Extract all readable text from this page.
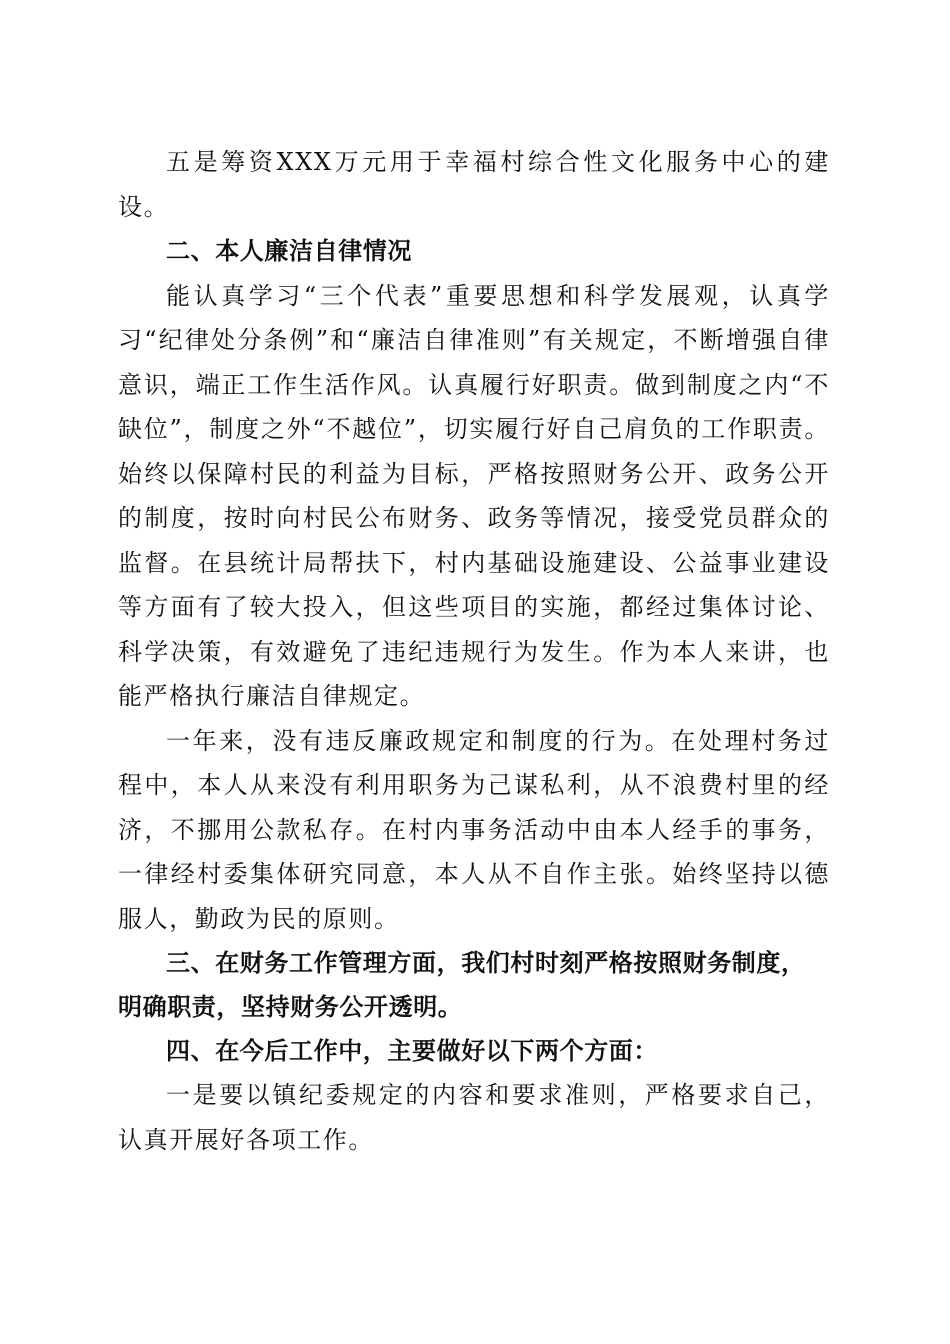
五是筹资XXX万元用于幸福村综合性文化服务中心的建设。

二、本人廉洁自律情况

能认真学习“三个代表”重要思想和科学发展观，认真学习“纪律处分条例”和“廉洁自律准则”有关规定，不断增强自律意识，端正工作生活作风。认真履行好职责。做到制度之内“不缺位”，制度之外“不越位”，切实履行好自己肩负的工作职责。始终以保障村民的利益为目标，严格按照财务公开、政务公开的制度，按时向村民公布财务、政务等情况，接受党员群众的监督。在县统计局帮扶下，村内基础设施建设、公益事业建设等方面有了较大投入，但这些项目的实施，都经过集体讨论、科学决策，有效避免了违纪违规行为发生。作为本人来讲，也能严格执行廉洁自律规定。

一年来，没有违反廉政规定和制度的行为。在处理村务过程中，本人从来没有利用职务为己谋私利，从不浪费村里的经济，不挪用公款私存。在村内事务活动中由本人经手的事务，一律经村委集体研究同意，本人从不自作主张。始终坚持以德服人，勤政为民的原则。

三、在财务工作管理方面，我们村时刻严格按照财务制度，明确职责，坚持财务公开透明。

四、在今后工作中，主要做好以下两个方面：

一是要以镇纪委规定的内容和要求准则，严格要求自己，认真开展好各项工作。
